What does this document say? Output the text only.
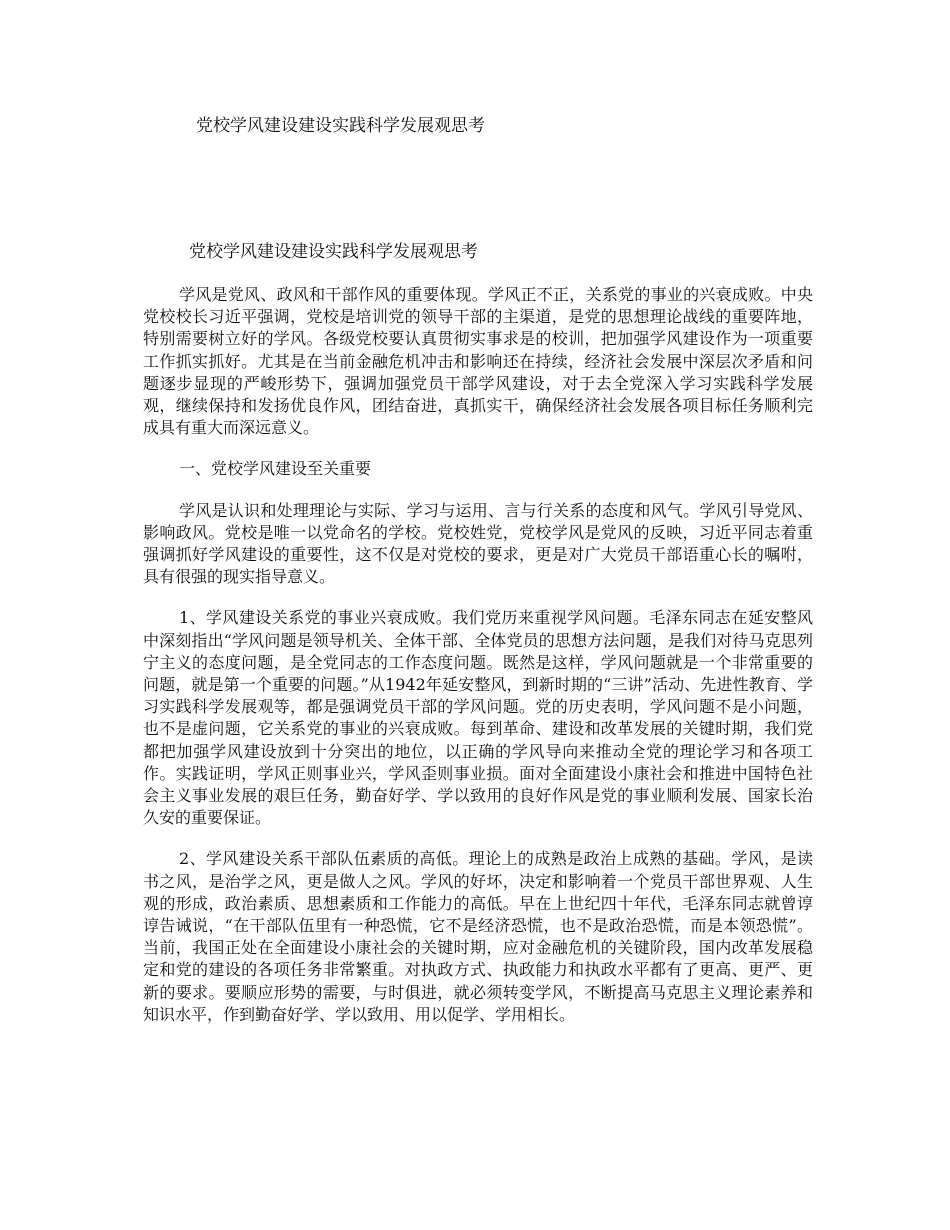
党校学风建设建设实践科学发展观思考
党校学风建设建设实践科学发展观思考

学风是党风、政风和干部作风的重要体现。学风正不正，关系党的事业的兴衰成败。中央党校校长习近平强调，党校是培训党的领导干部的主渠道，是党的思想理论战线的重要阵地，特别需要树立好的学风。各级党校要认真贯彻实事求是的校训，把加强学风建设作为一项重要工作抓实抓好。尤其是在当前金融危机冲击和影响还在持续，经济社会发展中深层次矛盾和问题逐步显现的严峻形势下，强调加强党员干部学风建设，对于去全党深入学习实践科学发展观，继续保持和发扬优良作风，团结奋进，真抓实干，确保经济社会发展各项目标任务顺利完成具有重大而深远意义。

一、党校学风建设至关重要

学风是认识和处理理论与实际、学习与运用、言与行关系的态度和风气。学风引导党风、影响政风。党校是唯一以党命名的学校。党校姓党，党校学风是党风的反映，习近平同志着重强调抓好学风建设的重要性，这不仅是对党校的要求，更是对广大党员干部语重心长的嘱咐，具有很强的现实指导意义。

1、学风建设关系党的事业兴衰成败。我们党历来重视学风问题。毛泽东同志在延安整风中深刻指出“学风问题是领导机关、全体干部、全体党员的思想方法问题，是我们对待马克思列宁主义的态度问题，是全党同志的工作态度问题。既然是这样，学风问题就是一个非常重要的问题，就是第一个重要的问题。”从1942年延安整风，到新时期的“三讲”活动、先进性教育、学习实践科学发展观等，都是强调党员干部的学风问题。党的历史表明，学风问题不是小问题，也不是虚问题，它关系党的事业的兴衰成败。每到革命、建设和改革发展的关键时期，我们党都把加强学风建设放到十分突出的地位，以正确的学风导向来推动全党的理论学习和各项工作。实践证明，学风正则事业兴，学风歪则事业损。面对全面建设小康社会和推进中国特色社会主义事业发展的艰巨任务，勤奋好学、学以致用的良好作风是党的事业顺利发展、国家长治久安的重要保证。

2、学风建设关系干部队伍素质的高低。理论上的成熟是政治上成熟的基础。学风，是读书之风，是治学之风，更是做人之风。学风的好坏，决定和影响着一个党员干部世界观、人生观的形成，政治素质、思想素质和工作能力的高低。早在上世纪四十年代，毛泽东同志就曾谆谆告诫说，“在干部队伍里有一种恐慌，它不是经济恐慌，也不是政治恐慌，而是本领恐慌”。当前，我国正处在全面建设小康社会的关键时期，应对金融危机的关键阶段，国内改革发展稳定和党的建设的各项任务非常繁重。对执政方式、执政能力和执政水平都有了更高、更严、更新的要求。要顺应形势的需要，与时俱进，就必须转变学风，不断提高马克思主义理论素养和知识水平，作到勤奋好学、学以致用、用以促学、学用相长。
